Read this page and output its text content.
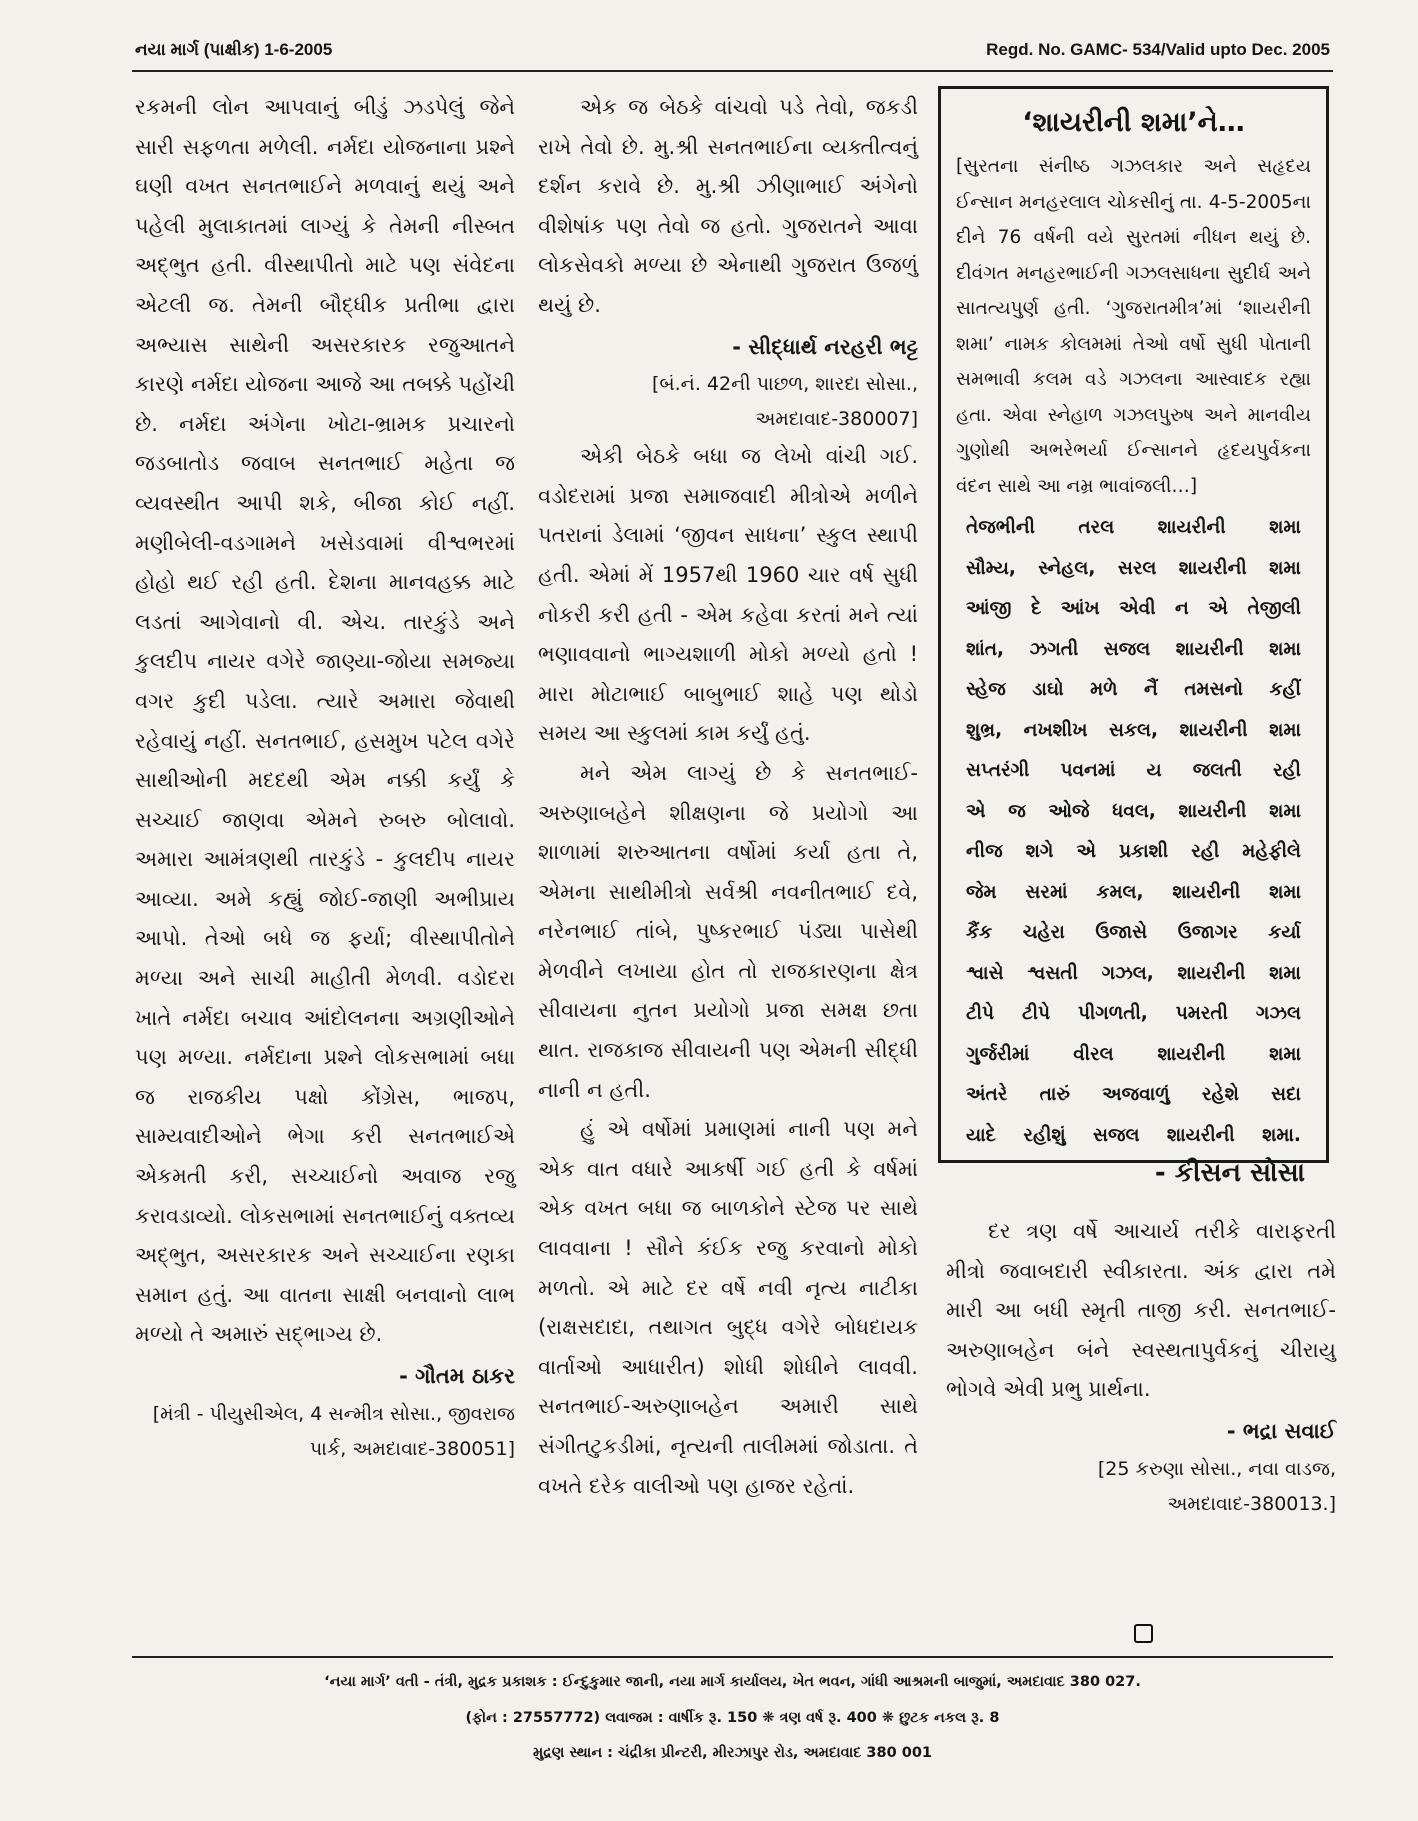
નયા માર્ગ (પાક્ષીક) 1-6-2005	Regd. No. GAMC- 534/Valid upto Dec. 2005

રકમની લોન આપવાનું બીડું ઝડપેલું જેને સારી સફળતા મળેલી. નર્મદા યોજનાના પ્રશ્ને ઘણી વખત સનતભાઈને મળવાનું થયું અને પહેલી મુલાકાતમાં લાગ્યું કે તેમની નીસ્બત અદ્ભુત હતી. વીસ્થાપીતો માટે પણ સંવેદના એટલી જ. તેમની બૌદ્ધીક પ્રતીભા દ્વારા અભ્યાસ સાથેની અસરકારક રજુઆતને કારણે નર્મદા યોજના આજે આ તબક્કે પહોંચી છે. નર્મદા અંગેના ખોટા-ભ્રામક પ્રચારનો જડબાતોડ જવાબ સનતભાઈ મહેતા જ વ્યવસ્થીત આપી શકે, બીજા કોઈ નહીં. મણીબેલી-વડગામને ખસેડવામાં વીશ્વભરમાં હોહો થઈ રહી હતી. દેશના માનવહક્ક માટે લડતાં આગેવાનો વી. એચ. તારકુંડે અને કુલદીપ નાયર વગેરે જાણ્યા-જોયા સમજ્યા વગર કુદી પડેલા. ત્યારે અમારા જેવાથી રહેવાયું નહીં. સનતભાઈ, હસમુખ પટેલ વગેરે સાથીઓની મદદથી એમ નક્કી કર્યું કે સચ્ચાઈ જાણવા એમને રુબરુ બોલાવો. અમારા આમંત્રણથી તારકુંડે - કુલદીપ નાયર આવ્યા. અમે કહ્યું જોઈ-જાણી અભીપ્રાય આપો. તેઓ બધે જ ફર્યા; વીસ્થાપીતોને મળ્યા અને સાચી માહીતી મેળવી. વડોદરા ખાતે નર્મદા બચાવ આંદોલનના અગ્રણીઓને પણ મળ્યા. નર્મદાના પ્રશ્ને લોકસભામાં બધા જ રાજકીય પક્ષો કોંગ્રેસ, ભાજપ, સામ્યવાદીઓને ભેગા કરી સનતભાઈએ એકમતી કરી, સચ્ચાઈનો અવાજ રજુ કરાવડાવ્યો. લોકસભામાં સનતભાઈનું વક્તવ્ય અદ્ભુત, અસરકારક અને સચ્ચાઈના રણકા સમાન હતું. આ વાતના સાક્ષી બનવાનો લાભ મળ્યો તે અમારું સદ્ભાગ્ય છે.

- ગૌતમ ઠાકર

[મંત્રી - પીયુસીએલ, 4 સન્મીત્ર સોસા., જીવરાજ પાર્ક, અમદાવાદ-380051]

એક જ બેઠકે વાંચવો પડે તેવો, જકડી રાખે તેવો છે. મુ.શ્રી સનતભાઈના વ્યક્તીત્વનું દર્શન કરાવે છે. મુ.શ્રી ઝીણાભાઈ અંગેનો વીશેષાંક પણ તેવો જ હતો. ગુજરાતને આવા લોકસેવકો મળ્યા છે એનાથી ગુજરાત ઉજળું થયું છે.

- સીદ્ધાર્થ નરહરી ભટ્ટ

[બં.નં. 42ની પાછળ, શારદા સોસા., અમદાવાદ-380007]

એકી બેઠકે બધા જ લેખો વાંચી ગઈ. વડોદરામાં પ્રજા સમાજવાદી મીત્રોએ મળીને પતરાનાં ડેલામાં ‘જીવન સાધના’ સ્કુલ સ્થાપી હતી. એમાં મેં 1957થી 1960 ચાર વર્ષ સુધી નોકરી કરી હતી - એમ કહેવા કરતાં મને ત્યાં ભણાવવાનો ભાગ્યશાળી મોકો મળ્યો હતો ! મારા મોટાભાઈ બાબુભાઈ શાહે પણ થોડો સમય આ સ્કુલમાં કામ કર્યું હતું.

મને એમ લાગ્યું છે કે સનતભાઈ-અરુણાબહેને શીક્ષણના જે પ્રયોગો આ શાળામાં શરુઆતના વર્ષોમાં કર્યા હતા તે, એમના સાથીમીત્રો સર્વશ્રી નવનીતભાઈ દવે, નરેનભાઈ તાંબે, પુષ્કરભાઈ પંડ્યા પાસેથી મેળવીને લખાયા હોત તો રાજકારણના ક્ષેત્ર સીવાયના નુતન પ્રયોગો પ્રજા સમક્ષ છતા થાત. રાજકાજ સીવાયની પણ એમની સીદ્ધી નાની ન હતી.

હું એ વર્ષોમાં પ્રમાણમાં નાની પણ મને એક વાત વધારે આકર્ષી ગઈ હતી કે વર્ષમાં એક વખત બધા જ બાળકોને સ્ટેજ પર સાથે લાવવાના ! સૌને કંઈક રજુ કરવાનો મોકો મળતો. એ માટે દર વર્ષે નવી નૃત્ય નાટીકા (રાક્ષસદાદા, તથાગત બુદ્ધ વગેરે બોધદાયક વાર્તાઓ આધારીત) શોધી શોધીને લાવવી. સનતભાઈ-અરુણાબહેન અમારી સાથે સંગીતટુકડીમાં, નૃત્યની તાલીમમાં જોડાતા. તે વખતે દરેક વાલીઓ પણ હાજર રહેતાં.

‘શાયરીની શમા’ને…

[સુરતના સંનીષ્ઠ ગઝલકાર અને સહૃદય ઈન્સાન મનહરલાલ ચોકસીનું તા. 4-5-2005ના દીને 76 વર્ષની વયે સુરતમાં નીધન થયું છે. દીવંગત મનહરભાઈની ગઝલસાધના સુદીર્ઘ અને સાતત્યપુર્ણ હતી. ‘ગુજરાતમીત્ર’માં ‘શાયરીની શમા’ નામક કોલમમાં તેઓ વર્ષો સુધી પોતાની સમભાવી કલમ વડે ગઝલના આસ્વાદક રહ્યા હતા. એવા સ્નેહાળ ગઝલપુરુષ અને માનવીય ગુણોથી અભરેભર્યા ઈન્સાનને હૃદયપુર્વકના વંદન સાથે આ નમ્ર ભાવાંજલી…]

તેજભીની તરલ શાયરીની શમા
સૌમ્ય, સ્નેહલ, સરલ શાયરીની શમા
આંજી દે આંખ એવી ન એ તેજીલી
શાંત, ઝગતી સજલ શાયરીની શમા
સ્હેજ ડાઘો મળે નૈં તમસનો કહીં
શુભ્ર, નખશીખ સકલ, શાયરીની શમા
સપ્તરંગી પવનમાં ય જલતી રહી
એ જ ઓજે ધવલ, શાયરીની શમા
નીજ શગે એ પ્રકાશી રહી મહેફીલે
જેમ સરમાં કમલ, શાયરીની શમા
કૈંક ચહેરા ઉજાસે ઉજાગર કર્યા
શ્વાસે શ્વસતી ગઝલ, શાયરીની શમા
ટીપે ટીપે પીગળતી, પમરતી ગઝલ
ગુર્જરીમાં વીરલ શાયરીની શમા
અંતરે તારું અજવાળું રહેશે સદા
યાદે રહીશું સજલ શાયરીની શમા.
- કીસન સોસા

દર ત્રણ વર્ષે આચાર્ય તરીકે વારાફરતી મીત્રો જવાબદારી સ્વીકારતા. અંક દ્વારા તમે મારી આ બધી સ્મૃતી તાજી કરી. સનતભાઈ-અરુણાબહેન બંને સ્વસ્થતાપુર્વકનું ચીરાયુ ભોગવે એવી પ્રભુ પ્રાર્થના.

- ભદ્રા સવાઈ

[25 કરુણા સોસા., નવા વાડજ, અમદાવાદ-380013.]

‘નયા માર્ગ’ વતી - તંત્રી, મુદ્રક પ્રકાશક : ઈન્દુકુમાર જાની, નયા માર્ગ કાર્યાલય, ખેત ભવન, ગાંધી આશ્રમની બાજુમાં, અમદાવાદ 380 027.
(ફોન : 27557772) લવાજમ : વાર્ષીક રૂ. 150 ❋ ત્રણ વર્ષ રૂ. 400 ❋ છુટક નકલ રૂ. 8
મુદ્રણ સ્થાન : ચંદ્રીકા પ્રીન્ટરી, મીરઝાપુર રોડ, અમદાવાદ 380 001
